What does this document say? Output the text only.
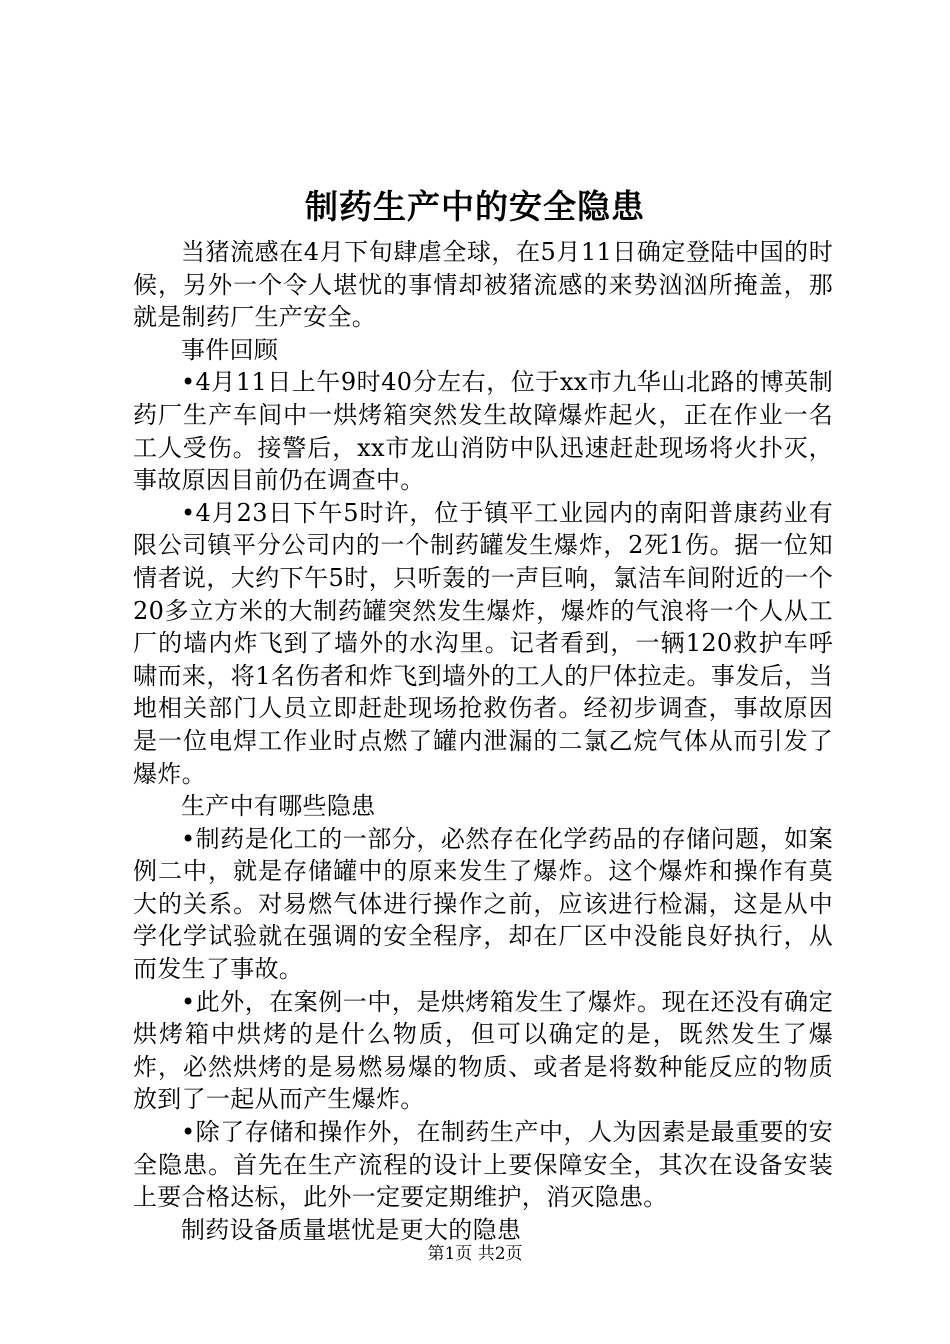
制药生产中的安全隐患

当猪流感在4月下旬肆虐全球，在5月11日确定登陆中国的时候，另外一个令人堪忧的事情却被猪流感的来势汹汹所掩盖，那就是制药厂生产安全。

事件回顾

•4月11日上午9时40分左右，位于xx市九华山北路的博英制药厂生产车间中一烘烤箱突然发生故障爆炸起火，正在作业一名工人受伤。接警后，xx市龙山消防中队迅速赶赴现场将火扑灭，事故原因目前仍在调查中。

•4月23日下午5时许，位于镇平工业园内的南阳普康药业有限公司镇平分公司内的一个制药罐发生爆炸，2死1伤。据一位知情者说，大约下午5时，只听轰的一声巨响，氯洁车间附近的一个20多立方米的大制药罐突然发生爆炸，爆炸的气浪将一个人从工厂的墙内炸飞到了墙外的水沟里。记者看到，一辆120救护车呼啸而来，将1名伤者和炸飞到墙外的工人的尸体拉走。事发后，当地相关部门人员立即赶赴现场抢救伤者。经初步调查，事故原因是一位电焊工作业时点燃了罐内泄漏的二氯乙烷气体从而引发了爆炸。

生产中有哪些隐患

•制药是化工的一部分，必然存在化学药品的存储问题，如案例二中，就是存储罐中的原来发生了爆炸。这个爆炸和操作有莫大的关系。对易燃气体进行操作之前，应该进行检漏，这是从中学化学试验就在强调的安全程序，却在厂区中没能良好执行，从而发生了事故。

•此外，在案例一中，是烘烤箱发生了爆炸。现在还没有确定烘烤箱中烘烤的是什么物质，但可以确定的是，既然发生了爆炸，必然烘烤的是易燃易爆的物质、或者是将数种能反应的物质放到了一起从而产生爆炸。

•除了存储和操作外，在制药生产中，人为因素是最重要的安全隐患。首先在生产流程的设计上要保障安全，其次在设备安装上要合格达标，此外一定要定期维护，消灭隐患。

制药设备质量堪忧是更大的隐患

第1页 共2页
